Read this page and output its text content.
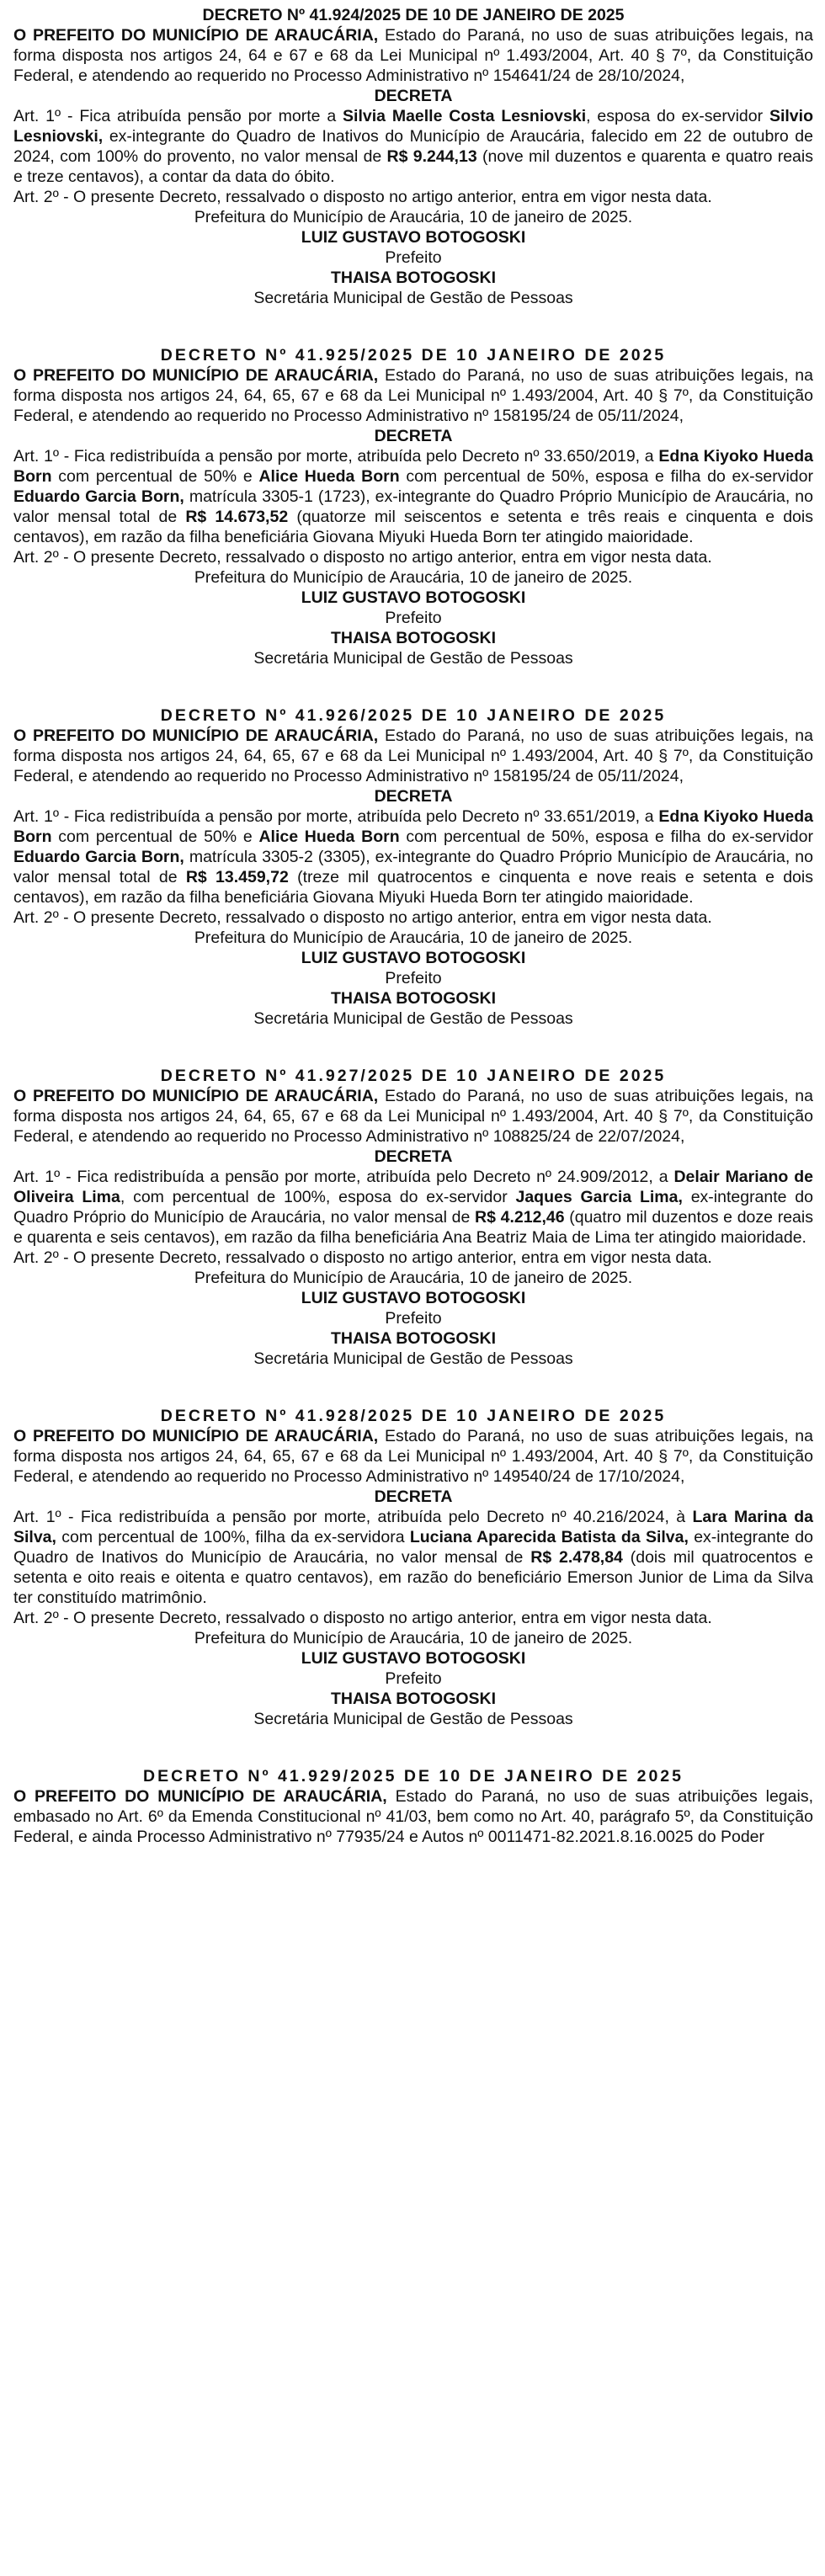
DECRETO Nº 41.924/2025 DE 10 DE JANEIRO DE 2025

O PREFEITO DO MUNICÍPIO DE ARAUCÁRIA, Estado do Paraná, no uso de suas atribuições legais, na forma disposta nos artigos 24, 64 e 67 e 68 da Lei Municipal nº 1.493/2004, Art. 40 § 7º, da Constituição Federal, e atendendo ao requerido no Processo Administrativo nº 154641/24 de 28/10/2024,

DECRETA

Art. 1º - Fica atribuída pensão por morte a Silvia Maelle Costa Lesniovski, esposa do ex-servidor Silvio Lesniovski, ex-integrante do Quadro de Inativos do Município de Araucária, falecido em 22 de outubro de 2024, com 100% do provento, no valor mensal de R$ 9.244,13 (nove mil duzentos e quarenta e quatro reais e treze centavos), a contar da data do óbito.

Art. 2º - O presente Decreto, ressalvado o disposto no artigo anterior, entra em vigor nesta data.

Prefeitura do Município de Araucária, 10 de janeiro de 2025.
LUIZ GUSTAVO BOTOGOSKI
Prefeito
THAISA BOTOGOSKI
Secretária Municipal de Gestão de Pessoas
DECRETO Nº 41.925/2025 DE 10 JANEIRO DE 2025

O PREFEITO DO MUNICÍPIO DE ARAUCÁRIA, Estado do Paraná, no uso de suas atribuições legais, na forma disposta nos artigos 24, 64, 65, 67 e 68 da Lei Municipal nº 1.493/2004, Art. 40 § 7º, da Constituição Federal, e atendendo ao requerido no Processo Administrativo nº 158195/24 de 05/11/2024,

DECRETA

Art. 1º - Fica redistribuída a pensão por morte, atribuída pelo Decreto nº 33.650/2019, a Edna Kiyoko Hueda Born com percentual de 50% e Alice Hueda Born com percentual de 50%, esposa e filha do ex-servidor Eduardo Garcia Born, matrícula 3305-1 (1723), ex-integrante do Quadro Próprio Município de Araucária, no valor mensal total de R$ 14.673,52 (quatorze mil seiscentos e setenta e três reais e cinquenta e dois centavos), em razão da filha beneficiária Giovana Miyuki Hueda Born ter atingido maioridade.

Art. 2º - O presente Decreto, ressalvado o disposto no artigo anterior, entra em vigor nesta data.

Prefeitura do Município de Araucária, 10 de janeiro de 2025.
LUIZ GUSTAVO BOTOGOSKI
Prefeito
THAISA BOTOGOSKI
Secretária Municipal de Gestão de Pessoas
DECRETO Nº 41.926/2025 DE 10 JANEIRO DE 2025

O PREFEITO DO MUNICÍPIO DE ARAUCÁRIA, Estado do Paraná, no uso de suas atribuições legais, na forma disposta nos artigos 24, 64, 65, 67 e 68 da Lei Municipal nº 1.493/2004, Art. 40 § 7º, da Constituição Federal, e atendendo ao requerido no Processo Administrativo nº 158195/24 de 05/11/2024,

DECRETA

Art. 1º - Fica redistribuída a pensão por morte, atribuída pelo Decreto nº 33.651/2019, a Edna Kiyoko Hueda Born com percentual de 50% e Alice Hueda Born com percentual de 50%, esposa e filha do ex-servidor Eduardo Garcia Born, matrícula 3305-2 (3305), ex-integrante do Quadro Próprio Município de Araucária, no valor mensal total de R$ 13.459,72 (treze mil quatrocentos e cinquenta e nove reais e setenta e dois centavos), em razão da filha beneficiária Giovana Miyuki Hueda Born ter atingido maioridade.

Art. 2º - O presente Decreto, ressalvado o disposto no artigo anterior, entra em vigor nesta data.

Prefeitura do Município de Araucária, 10 de janeiro de 2025.
LUIZ GUSTAVO BOTOGOSKI
Prefeito
THAISA BOTOGOSKI
Secretária Municipal de Gestão de Pessoas
DECRETO Nº 41.927/2025 DE 10 JANEIRO DE 2025

O PREFEITO DO MUNICÍPIO DE ARAUCÁRIA, Estado do Paraná, no uso de suas atribuições legais, na forma disposta nos artigos 24, 64, 65, 67 e 68 da Lei Municipal nº 1.493/2004, Art. 40 § 7º, da Constituição Federal, e atendendo ao requerido no Processo Administrativo nº 108825/24 de 22/07/2024,

DECRETA

Art. 1º - Fica redistribuída a pensão por morte, atribuída pelo Decreto nº 24.909/2012, a Delair Mariano de Oliveira Lima, com percentual de 100%, esposa do ex-servidor Jaques Garcia Lima, ex-integrante do Quadro Próprio do Município de Araucária, no valor mensal de R$ 4.212,46 (quatro mil duzentos e doze reais e quarenta e seis centavos), em razão da filha beneficiária Ana Beatriz Maia de Lima ter atingido maioridade.

Art. 2º - O presente Decreto, ressalvado o disposto no artigo anterior, entra em vigor nesta data.

Prefeitura do Município de Araucária, 10 de janeiro de 2025.
LUIZ GUSTAVO BOTOGOSKI
Prefeito
THAISA BOTOGOSKI
Secretária Municipal de Gestão de Pessoas
DECRETO Nº 41.928/2025 DE 10 JANEIRO DE 2025

O PREFEITO DO MUNICÍPIO DE ARAUCÁRIA, Estado do Paraná, no uso de suas atribuições legais, na forma disposta nos artigos 24, 64, 65, 67 e 68 da Lei Municipal nº 1.493/2004, Art. 40 § 7º, da Constituição Federal, e atendendo ao requerido no Processo Administrativo nº 149540/24 de 17/10/2024,

DECRETA

Art. 1º - Fica redistribuída a pensão por morte, atribuída pelo Decreto nº 40.216/2024, à Lara Marina da Silva, com percentual de 100%, filha da ex-servidora Luciana Aparecida Batista da Silva, ex-integrante do Quadro de Inativos do Município de Araucária, no valor mensal de R$ 2.478,84 (dois mil quatrocentos e setenta e oito reais e oitenta e quatro centavos), em razão do beneficiário Emerson Junior de Lima da Silva ter constituído matrimônio.

Art. 2º - O presente Decreto, ressalvado o disposto no artigo anterior, entra em vigor nesta data.

Prefeitura do Município de Araucária, 10 de janeiro de 2025.
LUIZ GUSTAVO BOTOGOSKI
Prefeito
THAISA BOTOGOSKI
Secretária Municipal de Gestão de Pessoas
DECRETO Nº 41.929/2025 DE 10 DE JANEIRO DE 2025

O PREFEITO DO MUNICÍPIO DE ARAUCÁRIA, Estado do Paraná, no uso de suas atribuições legais, embasado no Art. 6º da Emenda Constitucional nº 41/03, bem como no Art. 40, parágrafo 5º, da Constituição Federal, e ainda Processo Administrativo nº 77935/24 e Autos nº 0011471-82.2021.8.16.0025 do Poder
